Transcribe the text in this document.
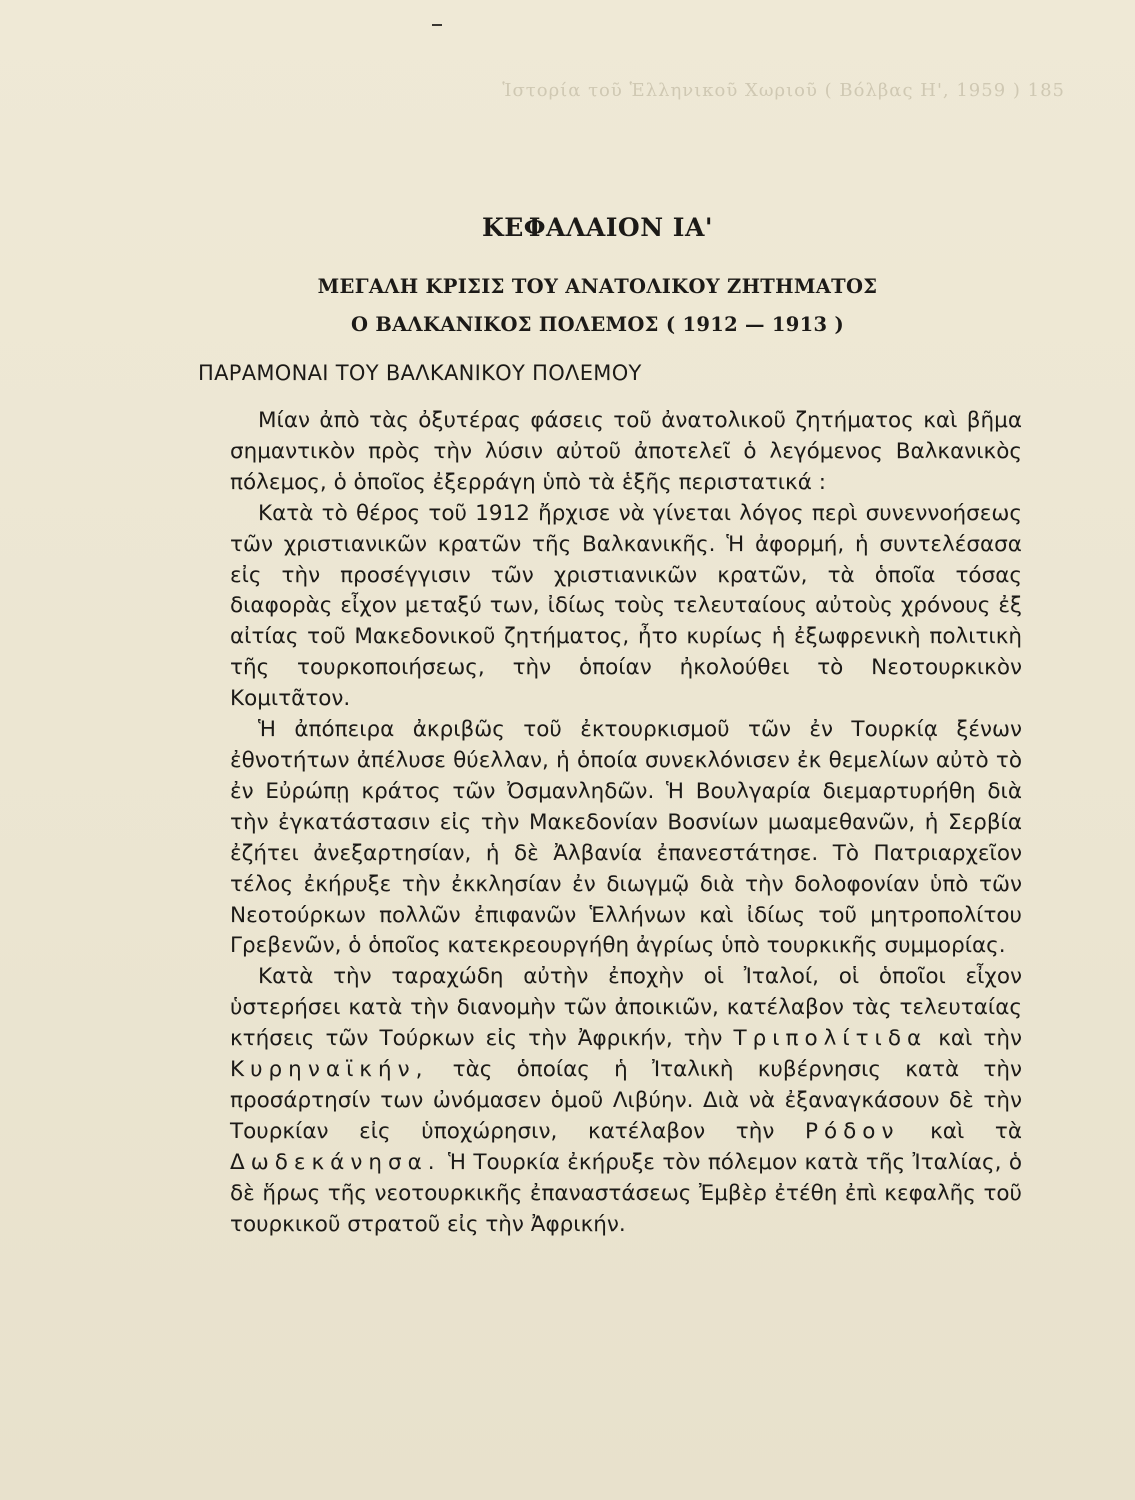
Ἱστορία τοῦ Ἑλληνικοῦ Χωριοῦ ( Βόλβας Η', 1959 ) 185
ΚΕΦΑΛΑΙΟΝ ΙΑ'
ΜΕΓΑΛΗ ΚΡΙΣΙΣ ΤΟΥ ΑΝΑΤΟΛΙΚΟΥ ΖΗΤΗΜΑΤΟΣ
Ο ΒΑΛΚΑΝΙΚΟΣ ΠΟΛΕΜΟΣ ( 1912 — 1913 )
ΠΑΡΑΜΟΝΑΙ ΤΟΥ ΒΑΛΚΑΝΙΚΟΥ ΠΟΛΕΜΟΥ

Μίαν ἀπὸ τὰς ὀξυτέρας φάσεις τοῦ ἀνατολικοῦ ζητήματος καὶ βῆμα σημαντικὸν πρὸς τὴν λύσιν αὐτοῦ ἀποτελεῖ ὁ λεγόμενος Βαλκανικὸς πόλεμος, ὁ ὁποῖος ἐξερράγη ὑπὸ τὰ ἑξῆς περιστατικά :

Κατὰ τὸ θέρος τοῦ 1912 ἤρχισε νὰ γίνεται λόγος περὶ συνεννοήσεως τῶν χριστιανικῶν κρατῶν τῆς Βαλκανικῆς. Ἡ ἀφορμή, ἡ συντελέσασα εἰς τὴν προσέγγισιν τῶν χριστιανικῶν κρατῶν, τὰ ὁποῖα τόσας διαφορὰς εἶχον μεταξύ των, ἰδίως τοὺς τελευταίους αὐτοὺς χρόνους ἐξ αἰτίας τοῦ Μακεδονικοῦ ζητήματος, ἦτο κυρίως ἡ ἐξωφρενικὴ πολιτικὴ τῆς τουρκοποιήσεως, τὴν ὁποίαν ἠκολούθει τὸ Νεοτουρκικὸν Κομιτᾶτον.

Ἡ ἀπόπειρα ἀκριβῶς τοῦ ἐκτουρκισμοῦ τῶν ἐν Τουρκίᾳ ξένων ἐθνοτήτων ἀπέλυσε θύελλαν, ἡ ὁποία συνεκλόνισεν ἐκ θεμελίων αὐτὸ τὸ ἐν Εὐρώπῃ κράτος τῶν Ὀσμανληδῶν. Ἡ Βουλγαρία διεμαρτυρήθη διὰ τὴν ἐγκατάστασιν εἰς τὴν Μακεδονίαν Βοσνίων μωαμεθανῶν, ἡ Σερβία ἐζήτει ἀνεξαρτησίαν, ἡ δὲ Ἀλβανία ἐπανεστάτησε. Τὸ Πατριαρχεῖον τέλος ἐκήρυξε τὴν ἐκκλησίαν ἐν διωγμῷ διὰ τὴν δολοφονίαν ὑπὸ τῶν Νεοτούρκων πολλῶν ἐπιφανῶν Ἑλλήνων καὶ ἰδίως τοῦ μητροπολίτου Γρεβενῶν, ὁ ὁποῖος κατεκρεουργήθη ἀγρίως ὑπὸ τουρκικῆς συμμορίας.

Κατὰ τὴν ταραχώδη αὐτὴν ἐποχὴν οἱ Ἰταλοί, οἱ ὁποῖοι εἶχον ὑστερήσει κατὰ τὴν διανομὴν τῶν ἀποικιῶν, κατέλαβον τὰς τελευταίας κτήσεις τῶν Τούρκων εἰς τὴν Ἀφρικήν, τὴν Τριπολίτιδα καὶ τὴν Κυρηναϊκήν, τὰς ὁποίας ἡ Ἰταλικὴ κυβέρνησις κατὰ τὴν προσάρτησίν των ὠνόμασεν ὁμοῦ Λιβύην. Διὰ νὰ ἐξαναγκάσουν δὲ τὴν Τουρκίαν εἰς ὑποχώρησιν, κατέλαβον τὴν Ρόδον καὶ τὰ Δωδεκάνησα. Ἡ Τουρκία ἐκήρυξε τὸν πόλεμον κατὰ τῆς Ἰταλίας, ὁ δὲ ἥρως τῆς νεοτουρκικῆς ἐπαναστάσεως Ἐμβὲρ ἐτέθη ἐπὶ κεφαλῆς τοῦ τουρκικοῦ στρατοῦ εἰς τὴν Ἀφρικήν.
